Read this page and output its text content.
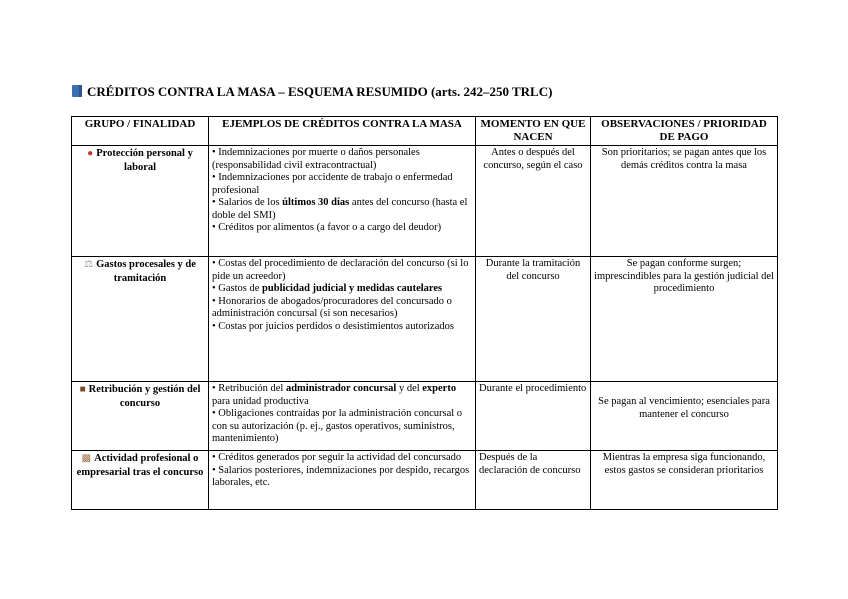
CRÉDITOS CONTRA LA MASA – ESQUEMA RESUMIDO (arts. 242–250 TRLC)
GRUPO / FINALIDAD	EJEMPLOS DE CRÉDITOS CONTRA LA MASA	MOMENTO EN QUE NACEN	OBSERVACIONES / PRIORIDAD DE PAGO
● Protección personal y laboral	• Indemnizaciones por muerte o daños personales (responsabilidad civil extracontractual)
• Indemnizaciones por accidente de trabajo o enfermedad profesional
• Salarios de los últimos 30 días antes del concurso (hasta el doble del SMI)
• Créditos por alimentos (a favor o a cargo del deudor)	Antes o después del concurso, según el caso	Son prioritarios; se pagan antes que los demás créditos contra la masa
⚖ Gastos procesales y de tramitación	• Costas del procedimiento de declaración del concurso (si lo pide un acreedor)
• Gastos de publicidad judicial y medidas cautelares
• Honorarios de abogados/procuradores del concursado o administración concursal (si son necesarios)
• Costas por juicios perdidos o desistimientos autorizados	Durante la tramitación del concurso	Se pagan conforme surgen; imprescindibles para la gestión judicial del procedimiento
■ Retribución y gestión del concurso	• Retribución del administrador concursal y del experto para unidad productiva
• Obligaciones contraídas por la administración concursal o con su autorización (p. ej., gastos operativos, suministros, mantenimiento)	Durante el procedimiento	Se pagan al vencimiento; esenciales para mantener el concurso
▩ Actividad profesional o empresarial tras el concurso	• Créditos generados por seguir la actividad del concursado
• Salarios posteriores, indemnizaciones por despido, recargos laborales, etc.	Después de la declaración de concurso	Mientras la empresa siga funcionando, estos gastos se consideran prioritarios
